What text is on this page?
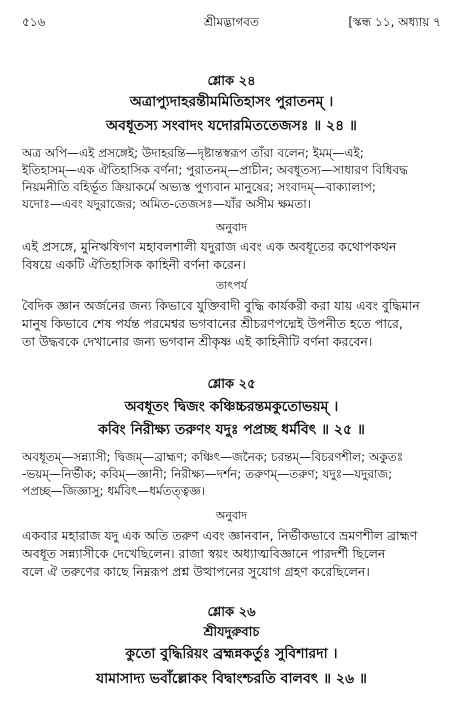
৫১৬	শ্রীমদ্ভাগবত	[স্কন্ধ ১১, অধ্যায় ৭
শ্লোক ২৪
অত্রাপ্যুদাহরন্তীমমিতিহাসং পুরাতনম্ ।
অবধূতস্য সংবাদং যদোরমিততেজসঃ ॥ ২৪ ॥
অত্র অপি—এই প্রসঙ্গেই; উদাহরন্তি—দৃষ্টান্তস্বরূপ তাঁরা বলেন; ইমম্—এই;
ইতিহাসম্—এক ঐতিহাসিক বর্ণনা; পুরাতনম্—প্রাচীন; অবধূতস্য—সাধারণ বিধিবদ্ধ
নিয়মনীতি বহির্ভূত ক্রিয়াকর্মে অভ্যস্ত পুণ্যবান মানুষের; সংবাদম্—বাক্যালাপ;
যদোঃ—এবং যদুরাজের; অমিত-তেজসঃ—যাঁর অসীম ক্ষমতা।
অনুবাদ
এই প্রসঙ্গে, মুনিঋষিগণ মহাবলশালী যদুরাজ এবং এক অবধূতের কথোপকথন
বিষয়ে একটি ঐতিহাসিক কাহিনী বর্ণনা করেন।
তাৎপর্য
বৈদিক জ্ঞান অর্জনের জন্য কিভাবে যুক্তিবাদী বুদ্ধি কার্যকরী করা যায় এবং বুদ্ধিমান
মানুষ কিভাবে শেষ পর্যন্ত পরমেশ্বর ভগবানের শ্রীচরণপদ্মেই উপনীত হতে পারে,
তা উদ্ধবকে দেখানোর জন্য ভগবান শ্রীকৃষ্ণ এই কাহিনীটি বর্ণনা করবেন।
শ্লোক ২৫
অবধূতং দ্বিজং কঞ্চিচ্চরন্তমকুতোভয়ম্ ।
কবিং নিরীক্ষ্য তরুণং যদুঃ পপ্রচ্ছ ধর্মবিৎ ॥ ২৫ ॥
অবধূতম্—সন্ন্যাসী; দ্বিজম্—ব্রাহ্মণ; কঞ্চিৎ—জনৈক; চরন্তম্—বিচরণশীল; অকুতঃ
-ভয়ম্—নির্ভীক; কবিম্—জ্ঞানী; নিরীক্ষ্য—দর্শন; তরুণম্—তরুণ; যদুঃ—যদুরাজ;
পপ্রচ্ছ—জিজ্ঞাসু; ধর্মবিৎ—ধর্মতত্ত্বজ্ঞ।
অনুবাদ
একবার মহারাজ যদু এক অতি তরুণ এবং জ্ঞানবান, নির্ভীকভাবে ভ্রমণশীল ব্রাহ্মণ
অবধূত সন্ন্যাসীকে দেখেছিলেন। রাজা স্বয়ং অধ্যাত্মবিজ্ঞানে পারদর্শী ছিলেন
বলে ঐ তরুণের কাছে নিম্নরূপ প্রশ্ন উত্থাপনের সুযোগ গ্রহণ করেছিলেন।
শ্লোক ২৬
শ্রীযদুরুবাচ
কুতো বুদ্ধিরিয়ং ব্রহ্মন্নকর্তুঃ সুবিশারদা ।
যামাসাদ্য ভবাঁল্লোকং বিদ্বাংশ্চরতি বালবৎ ॥ ২৬ ॥
